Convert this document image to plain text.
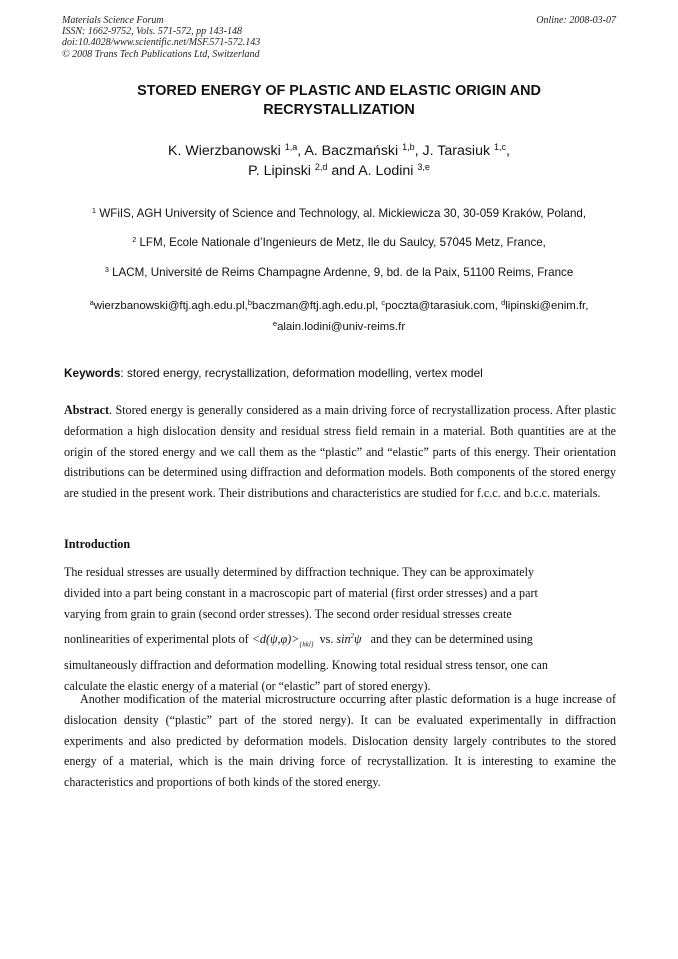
Materials Science Forum
ISSN: 1662-9752, Vols. 571-572, pp 143-148
doi:10.4028/www.scientific.net/MSF.571-572.143
© 2008 Trans Tech Publications Ltd, Switzerland
Online: 2008-03-07
STORED ENERGY OF PLASTIC AND ELASTIC ORIGIN AND
RECRYSTALLIZATION
K. Wierzbanowski $^{1,a}$, A. Baczmański $^{1,b}$, J. Tarasiuk $^{1,c}$,
P. Lipinski $^{2,d}$ and A. Lodini $^{3,e}$
$^1$ WFiIS, AGH University of Science and Technology, al. Mickiewicza 30, 30-059 Kraków, Poland,
$^2$ LFM, Ecole Nationale d’Ingenieurs de Metz, Ile du Saulcy, 57045 Metz, France,
$^3$ LACM, Université de Reims Champagne Ardenne, 9, bd. de la Paix, 51100 Reims, France
$^a$wierzbanowski@ftj.agh.edu.pl,$^b$baczman@ftj.agh.edu.pl, $^c$poczta@tarasiuk.com, $^d$lipinski@enim.fr,
$^e$alain.lodini@univ-reims.fr
Keywords: stored energy, recrystallization, deformation modelling, vertex model
Abstract. Stored energy is generally considered as a main driving force of recrystallization process. After plastic deformation a high dislocation density and residual stress field remain in a material. Both quantities are at the origin of the stored energy and we call them as the “plastic” and “elastic” parts of this energy. Their orientation distributions can be determined using diffraction and deformation models. Both components of the stored energy are studied in the present work. Their distributions and characteristics are studied for f.c.c. and b.c.c. materials.
Introduction
The residual stresses are usually determined by diffraction technique. They can be approximately
divided into a part being constant in a macroscopic part of material (first order stresses) and a part
varying from grain to grain (second order stresses). The second order residual stresses create
nonlinearities of experimental plots of $<d(\psi,\varphi)>_{\{hkl\}}$ vs. $\sin^2\psi$ and they can be determined using
simultaneously diffraction and deformation modelling. Knowing total residual stress tensor, one can
calculate the elastic energy of a material (or “elastic” part of stored energy).
Another modification of the material microstructure occurring after plastic deformation is a huge increase of dislocation density (“plastic” part of the stored nergy). It can be evaluated experimentally in diffraction experiments and also predicted by deformation models. Dislocation density largely contributes to the stored energy of a material, which is the main driving force of recrystallization. It is interesting to examine the characteristics and proportions of both kinds of the stored energy.
